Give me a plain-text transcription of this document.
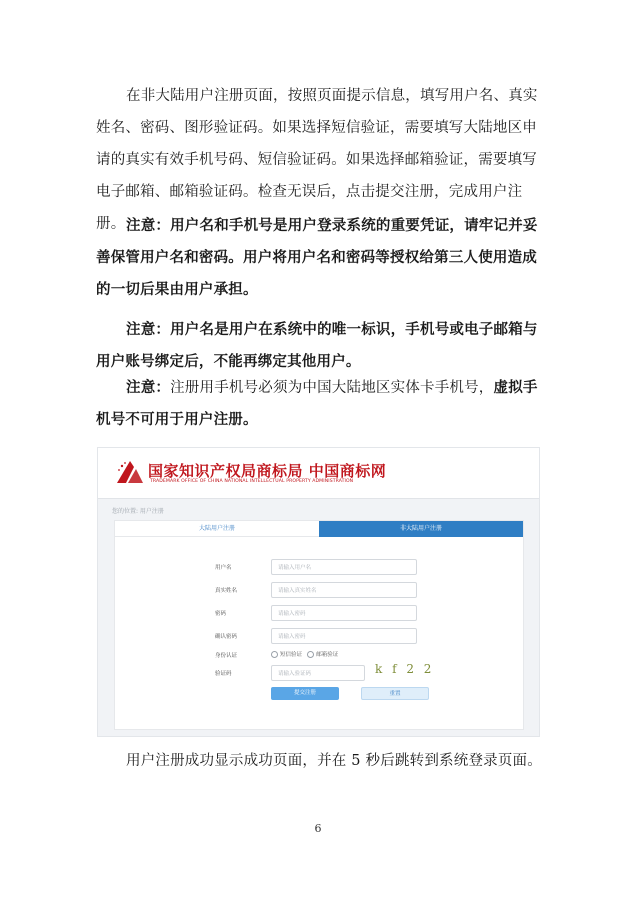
在非大陆用户注册页面，按照页面提示信息，填写用户名、真实姓名、密码、图形验证码。如果选择短信验证，需要填写大陆地区申请的真实有效手机号码、短信验证码。如果选择邮箱验证，需要填写电子邮箱、邮箱验证码。检查无误后，点击提交注册，完成用户注册。 注意：用户名和手机号是用户登录系统的重要凭证，请牢记并妥善保管用户名和密码。用户将用户名和密码等授权给第三人使用造成的一切后果由用户承担。

注意：用户名是用户在系统中的唯一标识，手机号或电子邮箱与用户账号绑定后，不能再绑定其他用户。

注意：注册用手机号必须为中国大陆地区实体卡手机号，虚拟手机号不可用于用户注册。

国家知识产权局商标局 中国商标网
TRADEMARK OFFICE OF CHINA NATIONAL INTELLECTUAL PROPERTY ADMINISTRATION
您的位置: 用户注册
大陆用户注册	非大陆用户注册
用户名	请输入用户名
真实姓名	请输入真实姓名
密码	请输入密码
确认密码	请输入密码
身份认证	短信验证	邮箱验证
验证码	请输入验证码	k f 2 2
提交注册	重置

用户注册成功显示成功页面，并在 5 秒后跳转到系统登录页面。

6
